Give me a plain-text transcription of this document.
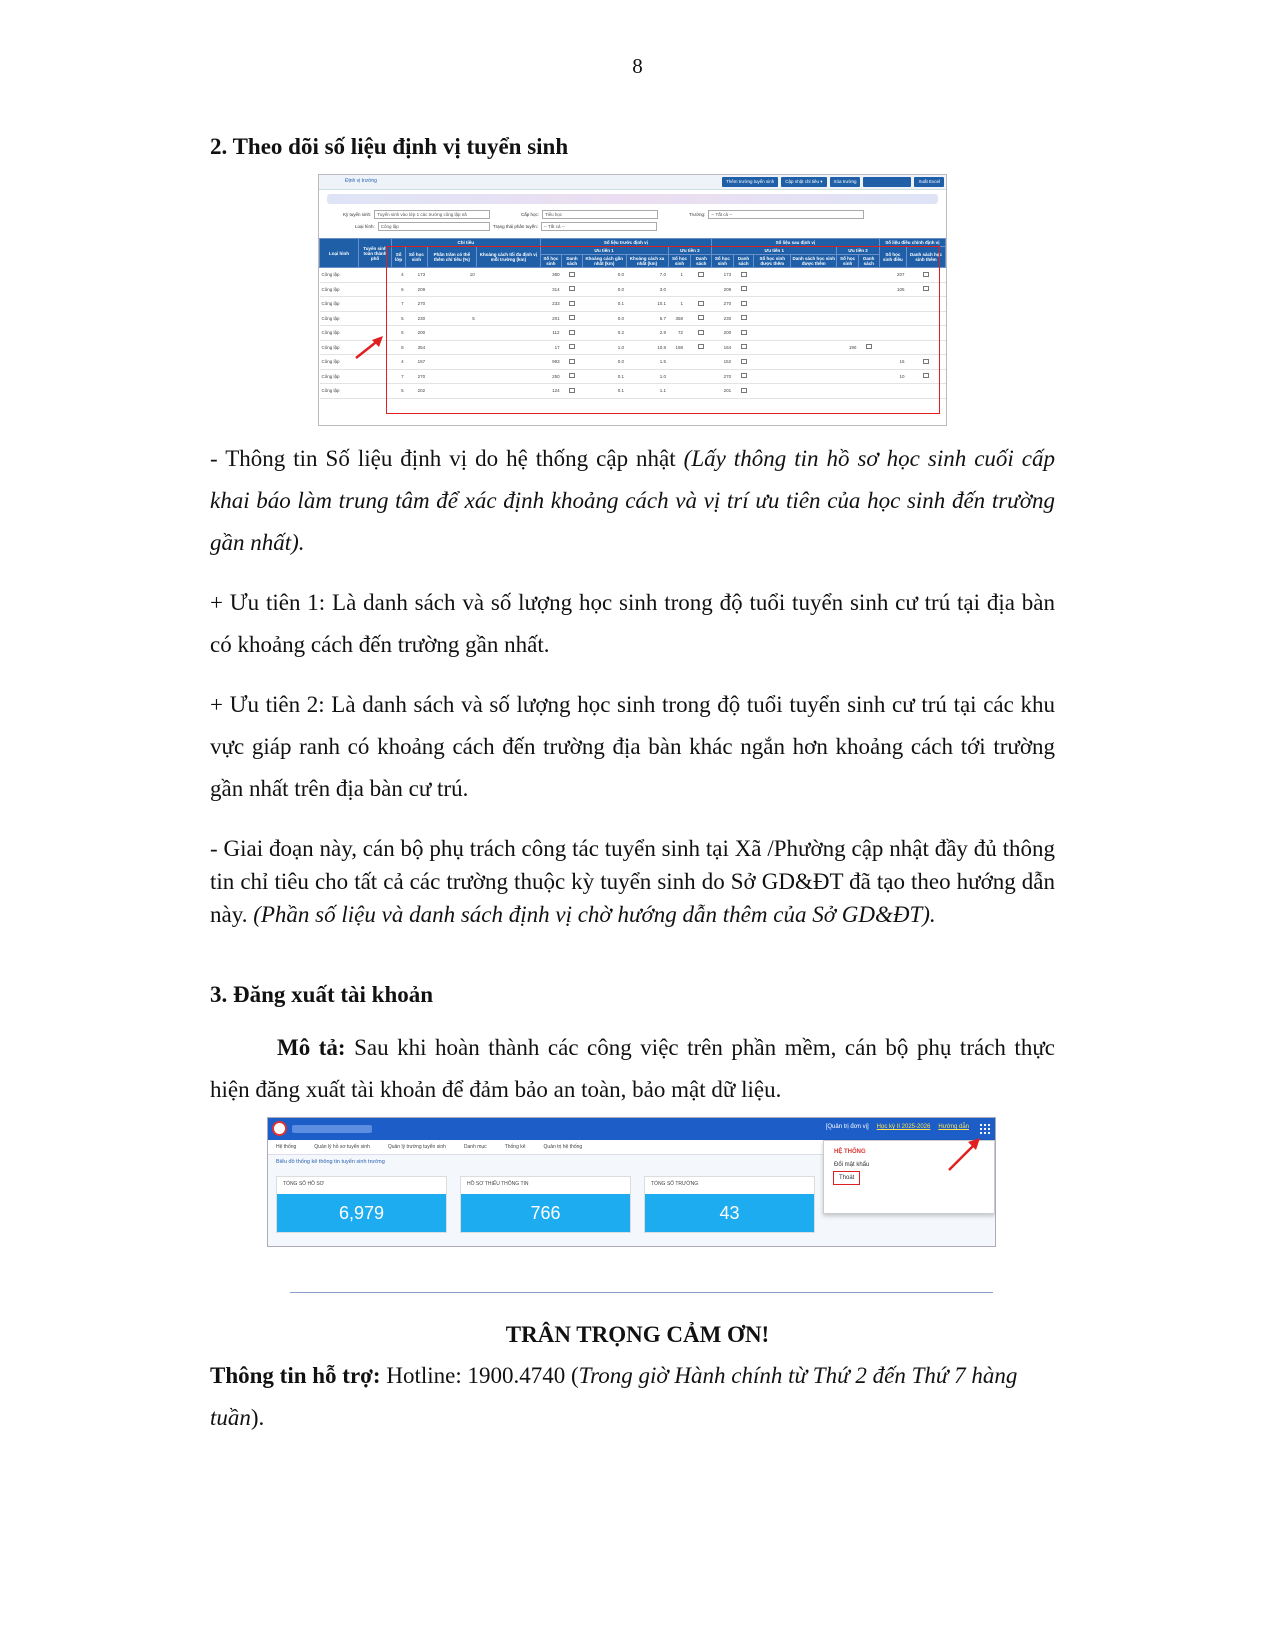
8
2. Theo dõi số liệu định vị tuyển sinh
Định vị trường	Thêm trường tuyển sinh	Cập nhật chỉ tiêu ▾	Xóa trường	Xuất Excel
Kỳ tuyển sinh:	Tuyển sinh vào lớp 1 các trường công lập nă	Cấp học:	Tiểu học	Trường:	-- Tất cả --
Loại hình:	Công lập	Trạng thái phân tuyến:	-- Tất cả --
Loại hình	Tuyển sinh toàn thành phố	Chỉ tiêu				Số liệu trước định vị							Số liệu sau định vị						Số liệu điều chỉnh định vị	
		Số lớp	Số học sinh	Phần trăm có thể thêm chỉ tiêu (%)	Khoảng cách tối đa định vị mỗi trường (km)	Ưu tiên 1				Ưu tiên 2			Ưu tiên 1				Ưu tiên 2		Số học sinh điều	Danh sách học sinh thêm
						Số học sinh	Danh sách	Khoảng cách gần nhất (km)	Khoảng cách xa nhất (km)	Số học sinh		Danh sách	Số học sinh	Danh sách	Số học sinh được thêm	Danh sách học sinh được thêm	Số học sinh	Danh sách		
Công lập		4	173	10		380		0.0	7.0	1			173						207	
Công lập		6	209			314		0.0	3.0				209						105	
Công lập		7	270			233		0.1	10.1	1			270							
Công lập		5	230	5		201		0.0	5.7	358			230							
Công lập		5	200			112		0.2	2.9	72			200							
Công lập		8	354			17		1.0	10.8	198			164				190			
Công lập		4	157			993		0.0	1.5				152						16	
Công lập		7	270			250		0.1	1.0				270						10	
Công lập		5	202			124		0.1	1.1				201							
- Thông tin Số liệu định vị do hệ thống cập nhật (Lấy thông tin hồ sơ học sinh cuối cấp khai báo làm trung tâm để xác định khoảng cách và vị trí ưu tiên của học sinh đến trường gần nhất).
+ Ưu tiên 1: Là danh sách và số lượng học sinh trong độ tuổi tuyển sinh cư trú tại địa bàn có khoảng cách đến trường gần nhất.
+ Ưu tiên 2: Là danh sách và số lượng học sinh trong độ tuổi tuyển sinh cư trú tại các khu vực giáp ranh có khoảng cách đến trường địa bàn khác ngắn hơn khoảng cách tới trường gần nhất trên địa bàn cư trú.
- Giai đoạn này, cán bộ phụ trách công tác tuyển sinh tại Xã /Phường cập nhật đầy đủ thông tin chỉ tiêu cho tất cả các trường thuộc kỳ tuyển sinh do Sở GD&ĐT đã tạo theo hướng dẫn này. (Phần số liệu và danh sách định vị chờ hướng dẫn thêm của Sở GD&ĐT).
3. Đăng xuất tài khoản
Mô tả: Sau khi hoàn thành các công việc trên phần mềm, cán bộ phụ trách thực hiện đăng xuất tài khoản để đảm bảo an toàn, bảo mật dữ liệu.
[Quản trị đơn vị] Học kỳ II 2025-2026 Hướng dẫn
Hệ thống	Quản lý hồ sơ tuyển sinh	Quản lý trường tuyển sinh	Danh mục	Thống kê	Quản trị hệ thống
Biểu đồ thống kê thông tin tuyển sinh trường
TỔNG SỐ HỒ SƠ
6,979
HỒ SƠ THIẾU THÔNG TIN
766
TỔNG SỐ TRƯỜNG
43
HỆ THỐNG
Đổi mật khẩu
Thoát
TRÂN TRỌNG CẢM ƠN!
Thông tin hỗ trợ: Hotline: 1900.4740 (Trong giờ Hành chính từ Thứ 2 đến Thứ 7 hàng tuần).
